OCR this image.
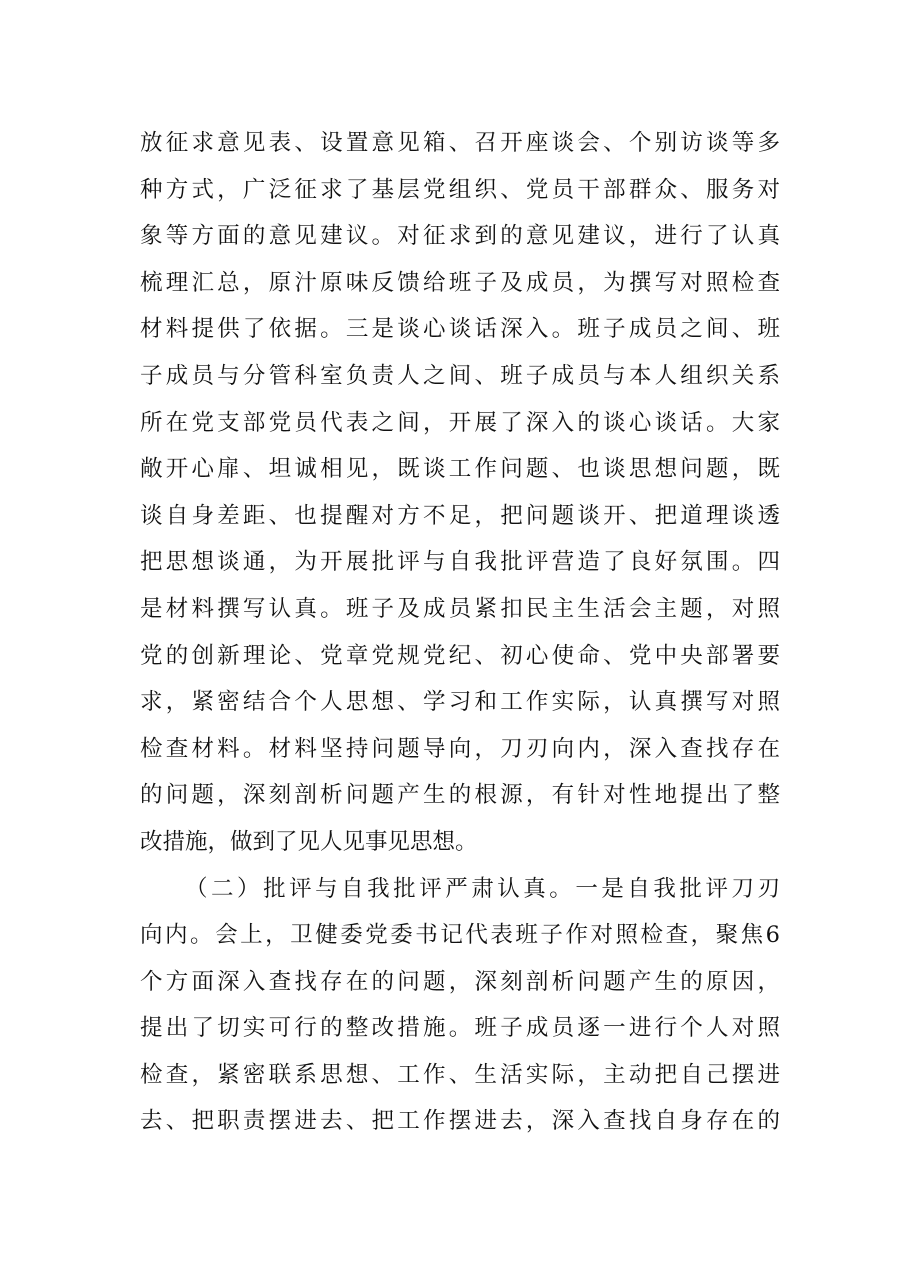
放征求意见表、设置意见箱、召开座谈会、个别访谈等多
种方式，广泛征求了基层党组织、党员干部群众、服务对
象等方面的意见建议。对征求到的意见建议，进行了认真
梳理汇总，原汁原味反馈给班子及成员，为撰写对照检查
材料提供了依据。三是谈心谈话深入。班子成员之间、班
子成员与分管科室负责人之间、班子成员与本人组织关系
所在党支部党员代表之间，开展了深入的谈心谈话。大家
敞开心扉、坦诚相见，既谈工作问题、也谈思想问题，既
谈自身差距、也提醒对方不足，把问题谈开、把道理谈透
把思想谈通，为开展批评与自我批评营造了良好氛围。四
是材料撰写认真。班子及成员紧扣民主生活会主题，对照
党的创新理论、党章党规党纪、初心使命、党中央部署要
求，紧密结合个人思想、学习和工作实际，认真撰写对照
检查材料。材料坚持问题导向，刀刃向内，深入查找存在
的问题，深刻剖析问题产生的根源，有针对性地提出了整
改措施，做到了见人见事见思想。
（二）批评与自我批评严肃认真。一是自我批评刀刃
向内。会上，卫健委党委书记代表班子作对照检查，聚焦6
个方面深入查找存在的问题，深刻剖析问题产生的原因，
提出了切实可行的整改措施。班子成员逐一进行个人对照
检查，紧密联系思想、工作、生活实际，主动把自己摆进
去、把职责摆进去、把工作摆进去，深入查找自身存在的
